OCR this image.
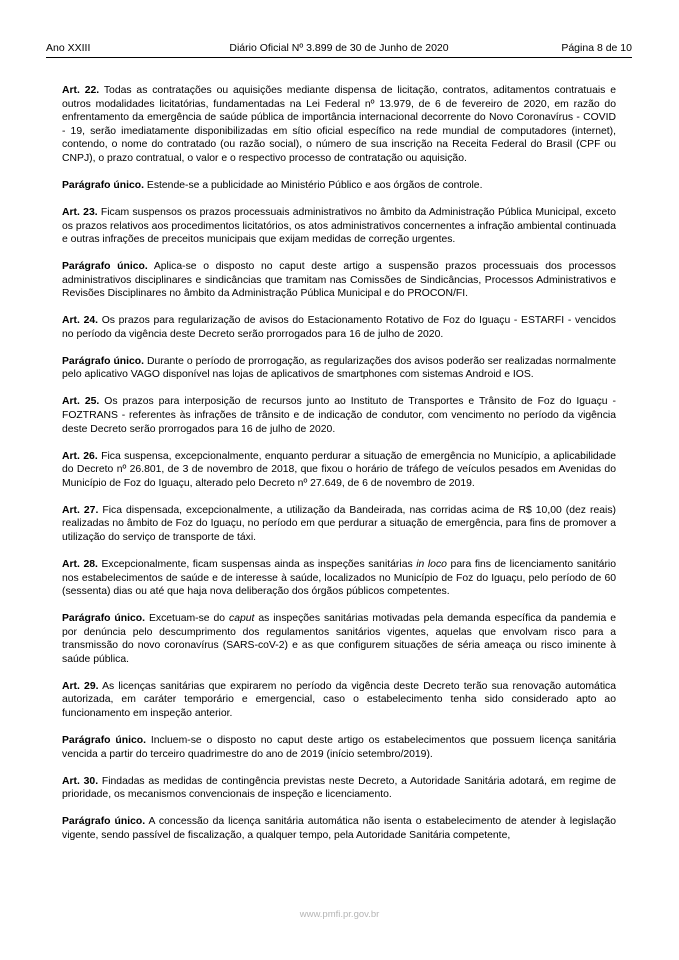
Ano XXIII	Diário Oficial Nº 3.899 de 30 de Junho de 2020	Página 8 de 10

Art. 22. Todas as contratações ou aquisições mediante dispensa de licitação, contratos, aditamentos contratuais e outros modalidades licitatórias, fundamentadas na Lei Federal nº 13.979, de 6 de fevereiro de 2020, em razão do enfrentamento da emergência de saúde pública de importância internacional decorrente do Novo Coronavírus - COVID - 19, serão imediatamente disponibilizadas em sítio oficial específico na rede mundial de computadores (internet), contendo, o nome do contratado (ou razão social), o número de sua inscrição na Receita Federal do Brasil (CPF ou CNPJ), o prazo contratual, o valor e o respectivo processo de contratação ou aquisição.

Parágrafo único. Estende-se a publicidade ao Ministério Público e aos órgãos de controle.

Art. 23. Ficam suspensos os prazos processuais administrativos no âmbito da Administração Pública Municipal, exceto os prazos relativos aos procedimentos licitatórios, os atos administrativos concernentes a infração ambiental continuada e outras infrações de preceitos municipais que exijam medidas de correção urgentes.

Parágrafo único. Aplica-se o disposto no caput deste artigo a suspensão prazos processuais dos processos administrativos disciplinares e sindicâncias que tramitam nas Comissões de Sindicâncias, Processos Administrativos e Revisões Disciplinares no âmbito da Administração Pública Municipal e do PROCON/FI.

Art. 24. Os prazos para regularização de avisos do Estacionamento Rotativo de Foz do Iguaçu - ESTARFI - vencidos no período da vigência deste Decreto serão prorrogados para 16 de julho de 2020.

Parágrafo único. Durante o período de prorrogação, as regularizações dos avisos poderão ser realizadas normalmente pelo aplicativo VAGO disponível nas lojas de aplicativos de smartphones com sistemas Android e IOS.

Art. 25. Os prazos para interposição de recursos junto ao Instituto de Transportes e Trânsito de Foz do Iguaçu - FOZTRANS - referentes às infrações de trânsito e de indicação de condutor, com vencimento no período da vigência deste Decreto serão prorrogados para 16 de julho de 2020.

Art. 26. Fica suspensa, excepcionalmente, enquanto perdurar a situação de emergência no Município, a aplicabilidade do Decreto nº 26.801, de 3 de novembro de 2018, que fixou o horário de tráfego de veículos pesados em Avenidas do Município de Foz do Iguaçu, alterado pelo Decreto nº 27.649, de 6 de novembro de 2019.

Art. 27. Fica dispensada, excepcionalmente, a utilização da Bandeirada, nas corridas acima de R$ 10,00 (dez reais) realizadas no âmbito de Foz do Iguaçu, no período em que perdurar a situação de emergência, para fins de promover a utilização do serviço de transporte de táxi.

Art. 28. Excepcionalmente, ficam suspensas ainda as inspeções sanitárias in loco para fins de licenciamento sanitário nos estabelecimentos de saúde e de interesse à saúde, localizados no Município de Foz do Iguaçu, pelo período de 60 (sessenta) dias ou até que haja nova deliberação dos órgãos públicos competentes.

Parágrafo único. Excetuam-se do caput as inspeções sanitárias motivadas pela demanda específica da pandemia e por denúncia pelo descumprimento dos regulamentos sanitários vigentes, aquelas que envolvam risco para a transmissão do novo coronavírus (SARS-coV-2) e as que configurem situações de séria ameaça ou risco iminente à saúde pública.

Art. 29. As licenças sanitárias que expirarem no período da vigência deste Decreto terão sua renovação automática autorizada, em caráter temporário e emergencial, caso o estabelecimento tenha sido considerado apto ao funcionamento em inspeção anterior.

Parágrafo único. Incluem-se o disposto no caput deste artigo os estabelecimentos que possuem licença sanitária vencida a partir do terceiro quadrimestre do ano de 2019 (início setembro/2019).

Art. 30. Findadas as medidas de contingência previstas neste Decreto, a Autoridade Sanitária adotará, em regime de prioridade, os mecanismos convencionais de inspeção e licenciamento.

Parágrafo único. A concessão da licença sanitária automática não isenta o estabelecimento de atender à legislação vigente, sendo passível de fiscalização, a qualquer tempo, pela Autoridade Sanitária competente,

www.pmfi.pr.gov.br
